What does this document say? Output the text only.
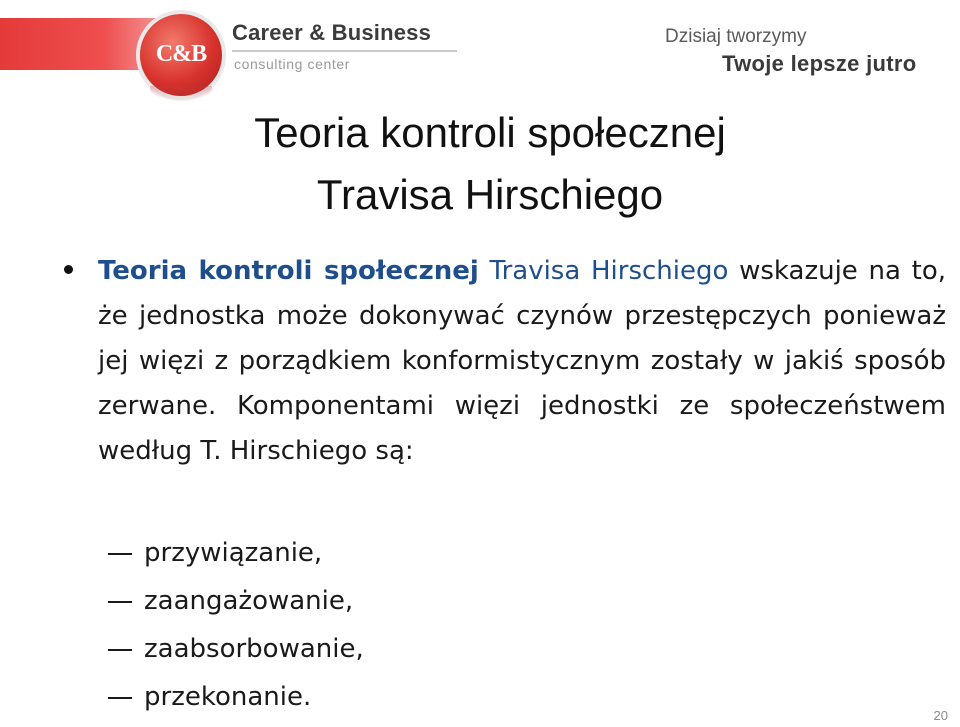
C&B
Career & Business
consulting center
Dzisiaj tworzymy
Twoje lepsze jutro
Teoria kontroli społecznej
Travisa Hirschiego
Teoria kontroli społecznej Travisa Hirschiego wskazuje na to, że jednostka może dokonywać czynów przestępczych ponieważ jej więzi z porządkiem konformistycznym zostały w jakiś sposób zerwane. Komponentami więzi jednostki ze społeczeństwem według T. Hirschiego są:
przywiązanie,
zaangażowanie,
zaabsorbowanie,
przekonanie.
20
